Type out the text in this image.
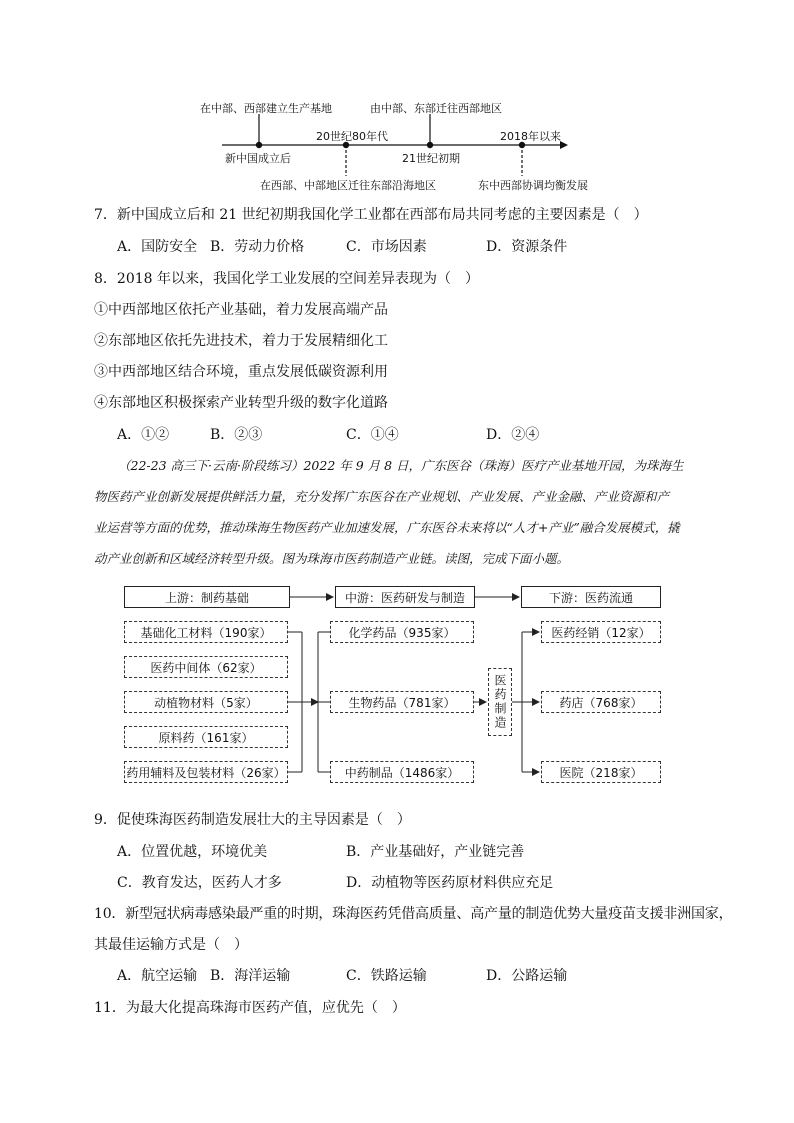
在中部、西部建立生产基地	由中部、东部迁往西部地区
新中国成立后
20世纪80年代
21世纪初期
2018年以来
在西部、中部地区迁往东部沿海地区	东中西部协调均衡发展
7．新中国成立后和 21 世纪初期我国化学工业都在西部布局共同考虑的主要因素是（　）
A．国防安全 B．劳动力价格	C．市场因素	D．资源条件
8．2018 年以来，我国化学工业发展的空间差异表现为（　）
①中西部地区依托产业基础，着力发展高端产品
②东部地区依托先进技术，着力于发展精细化工
③中西部地区结合环境，重点发展低碳资源利用
④东部地区积极探索产业转型升级的数字化道路
A．①②	B．②③	C．①④	D．②④
（22-23 高三下·云南·阶段练习）2022 年 9 月 8 日，广东医谷（珠海）医疗产业基地开园，为珠海生
物医药产业创新发展提供鲜活力量，充分发挥广东医谷在产业规划、产业发展、产业金融、产业资源和产
业运营等方面的优势，推动珠海生物医药产业加速发展，广东医谷未来将以“人才+产业”融合发展模式，撬
动产业创新和区域经济转型升级。图为珠海市医药制造产业链。读图，完成下面小题。
上游：制药基础	中游：医药研发与制造	下游：医药流通
基础化工材料（190家）
医药中间体（62家）
动植物材料（5家）
原料药（161家）
药用辅料及包装材料（26家）
化学药品（935家）
生物药品（781家）
中药制品（1486家）
医药制造
医药经销（12家）
药店（768家）
医院（218家）
9．促使珠海医药制造发展壮大的主导因素是（　）
A．位置优越，环境优美	B．产业基础好，产业链完善
C．教育发达，医药人才多	D．动植物等医药原材料供应充足
10．新型冠状病毒感染最严重的时期，珠海医药凭借高质量、高产量的制造优势大量疫苗支援非洲国家，
其最佳运输方式是（　）
A．航空运输 B．海洋运输	C．铁路运输	D．公路运输
11．为最大化提高珠海市医药产值，应优先（　）
